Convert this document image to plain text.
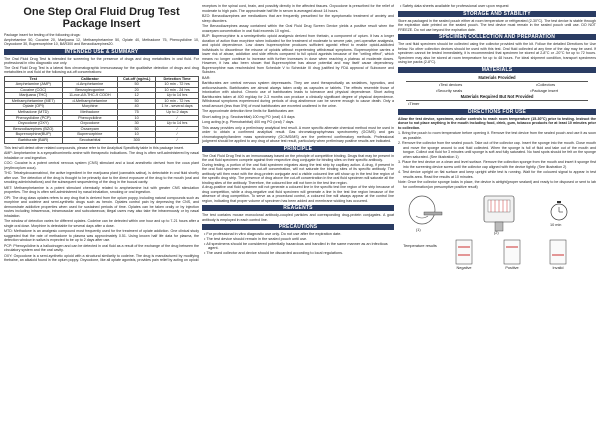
One Step Oral Fluid Drug Test Package Insert

Package insert for testing of the following drugs:
Amphetamine 50, Cocaine 20, Marijuana 12, Methamphetamine 50, Opiate 40, Methadone 75, Phencyclidine 10, Oxycodone 30, Buprenorphine 10, BAR300 and Benzodiazepines20.

INTENDED USE & SUMMARY

The Oral Fluid Drug Test is intended for screening for the presence of drugs and drug metabolites in oral fluid. For professional in vitro diagnostic use only.
The Oral Fluid Drug Test is a lateral flow chromatographic immunoassay for the qualitative detection of drugs and drug metabolites in oral fluid at the following cut-off concentrations:

Test	Calibrator	Cut-off (ng/mL)	Detection Time
Amphetamine (AMP)	d-Amphetamine	50	10 min - 72 hrs
Cocaine (COC)	Benzoylecgonine	20	10 min - 24 hrs
Marijuana (THC)	11-nor-Δ9-THC-9 COOH	12	Up to 14 hrs
Methamphetamine (MET)	d-Methamphetamine	50	10 min - 72 hrs
Opiate (OPI)	Morphine	40	1 hr - several days
Methadone (MTD)	Methadone	75	Up to 2 days
Phencyclidine (PCP)	Phencyclidine	10	/
Oxycodone (OXY)	Oxycodone	30	Up to 14 hrs
Benzodiazepines (BZO)	Oxazepam	50	/
Buprenorphine(BUP)	Buprenorphine	10	/
Barbiturate (BAR)	Secobarbital	300	/

This test will detect other related compounds, please refer to the Analytical Specificity table in this package insert.

AMP: Amphetamine is a sympathomimetic amine with therapeutic indications. The drug is often self-administered by nasal inhalation or oral ingestion.

COC: Cocaine is a potent central nervous system (CNS) stimulant and a local anesthetic derived from the coca plant (erythroxylum coca).

THC: Tetrahydrocannabinol, the active ingredient in the marijuana plant (cannabis sativa), is detectable in oral fluid shortly after use. The detection of the drug is thought to be primarily due to the direct exposure of the drug to the mouth (oral and smoking administrations) and the subsequent sequestering of the drug in the buccal cavity.

MET: Methamphetamine is a potent stimulant chemically related to amphetamine but with greater CNS stimulation properties. The drug is often self-administered by nasal inhalation, smoking or oral ingestion.

OPI: The drug class opiates refers to any drug that is derived from the opium poppy, including natural compounds such as morphine and codeine and semi-synthetic drugs such as heroin. Opiates control pain by depressing the CNS, and demonstrate addictive properties when used for sustained periods of time. Opiates can be taken orally or by injection routes including intravenous, intramuscular and subcutaneous; illegal users may also take the intravenously or by nasal inhalation.

The window of detection varies for different opiates. Codeine can be detected within one hour and up to 7-21 hours after a single oral dose. Morphine is detectable for several days after a dose.

MTD: Methadone is an analgesic compound most frequently used for the treatment of opiate addiction. One clinical study suggested that the rate of methadone to plasma was approximately 0.51. Using known half life data for plasma, the detection window in saliva is expected to be up to 2 days after use.

PCP: Phencyclidine is a hallucinogen and can be detected in oral fluid as a result of the exchange of the drug between the circulatory system and the oral cavity.

OXY: Oxycodone is a semi-synthetic opioid with a structural similarity to codeine. The drug is manufactured by modifying thebaine, an alkaloid found in the opium poppy. Oxycodone, like all opiate agonists, provides pain relief by acting on opioid

receptors in the spinal cord, brain, and possibly directly in the affected tissues. Oxycodone is prescribed for the relief of moderate to high pain. The approximate half life in serum is averaged about 14 hours.

BZO: Benzodiazepines are medications that are frequently prescribed for the symptomatic treatment of anxiety and sleep disorders.

The Benzodiazepines assay contained within the Oral Fluid Drug Screen Device yields a positive result when the oxazepam concentration in oral fluid exceeds 10 ng/mL.

BUP: Buprenorphine is a semisynthetic opioid analgesic derived from thebain, a component of opium. It has a longer duration of action than morphine when indicated for the treatment of moderate to severe pain, peri-operative analgesia, and opioid dependence. Low doses buprenorphine produces sufficient agonist effect to enable opioid-addicted individuals to discontinue the misuse of opioids without experiencing withdrawal symptoms. Buprenorphine carries a lower risk of abuse, addiction and side effects compared to full opioid agonists because of the "ceiling effect", which means no longer continue to increase with further increases in dose when reaching a plateau at moderate doses. However, it has also been shown that Buprenorphine has abuse potential and may itself cause dependency. Buprenorphine was rescheduled from Schedule V to Schedule III drug justified by FDA approval of Suboxone and Subutex.

BAR:

Barbiturates are central nervous system depressants. They are used therapeutically as sedatives, hypnotics, and anticonvulsants. Barbiturates are almost always taken orally as capsules or tablets. The effects resemble those of intoxication with alcohol. Chronic use of barbiturates leads to tolerance and physical dependence. Short acting Barbiturates taken at 400 mg/day for 2-3 months can produce a clinically significant degree of physical dependence. Withdrawal symptoms experienced during periods of drug abstinence can be severe enough to cause death. Only a small amount (less than 5%) of most barbiturates are excreted unaltered in the urine.

The approximate detection time limits for Barbiturates are:

Short acting (e.g. Secobarbital) 100 mg PO (oral) 4.5 days

Long acting (e.g. Phenobarbital) 400 mg PO (oral) 7 days.

This assay provides only a preliminary analytical test result. A more specific alternate chemical method must be used in order to obtain a confirmed analytical result. Gas chromatography/mass spectrometry (GC/MS) and gas chromatography/tandem mass spectrometry (GC/MS/MS) are the preferred confirmatory methods. Professional judgment should be applied to any drug of abuse test result, particularly when preliminary positive results are indicated.

PRINCIPLE

The Oral Fluid Drug Test is an immunoassay based on the principle of competitive binding. Drugs that may be present in the oral fluid specimen compete against their respective drug conjugate for binding sites on their specific antibody.
During testing, a portion of the oral fluid specimen migrates along the test strip by capillary action. A drug, if present in the oral fluid specimen below its cut-off concentration, will not saturate the binding sites of its specific antibody. The antibody will then react with the drug-protein conjugate and a visible coloured line will show up in the test line region of the specific drug strip. The presence of drug above the cut-off concentration in the oral fluid specimen will saturate all the binding sites of the antibody. Therefore, the coloured line will not form in the test line region.
A drug-positive oral fluid specimen will not generate a coloured line in the specific test line region of the strip because of drug competition, while a drug-negative oral fluid specimen will generate a line in the test line region because of the absence of drug competition. To serve as a procedural control, a coloured line will always appear at the control line region, indicating that proper volume of specimen has been added and membrane wicking has occurred.

REAGENTS

The test contains mouse monoclonal antibody-coupled particles and corresponding drug-protein conjugates. A goat antibody is employed in each control line.

PRECAUTIONS

• For professional in vitro diagnostic use only. Do not use after the expiration date.

• The test device should remain in the sealed pouch until use.

• All specimens should be considered potentially hazardous and handled in the same manner as an infectious agent.

• The used collector and device should be discarded according to local regulations.

• Safety data sheets available for professional user upon request

STORAGE AND STABILITY

Store as packaged in the sealed pouch either at room temperature or refrigerated (2-30°C). The test device is stable through the expiration date printed on the sealed pouch. The test device must remain in the sealed pouch until use. DO NOT FREEZE. Do not use beyond the expiration date.

SPECIMEN COLLECTION AND PREPARATION

The oral fluid specimen should be collected using the collector provided with the kit. Follow the detailed Directions for Use below. No other collection devices should be used with this test. Oral fluid collected at any time of the day may be used. If specimen cannot be tested immediately, it is recommended that specimen be stored at 2-8°C or -20°C for up to 72 hours. Specimen may also be stored at room temperature for up to 48 hours. For ideal shipment condition, transport specimens using ice packs (2-8°C).

MATERIALS
Materials Provided
• Test devices	• Collectors
• Security seals	• Package insert
Materials Required But Not Provided
• Timer
DIRECTIONS FOR USE

Allow the test device, specimen, and/or controls to reach room temperature (15-30°C) prior to testing. Instruct the donor to not place anything in the mouth including food, drink, gum, tobacco products for at least 10 minutes prior to collection.

1. Bring the pouch to room temperature before opening it. Remove the test device from the sealed pouch and use it as soon as possible.

2. Remove the collector from the sealed pouch. Take out of the collector cap. Insert the sponge into the mouth. Close mouth and move the sponge around to oral fluid collected. When the sponge is full of fluid and take out of the mouth and tongue. Collect oral fluid for 3 minutes until sponge is soft and fully saturated. No hard spots should be felt on the sponge when saturated. (See illustration 1)

3. Place the test device on a clean and level surface. Remove the collection sponge from the mouth and insert it sponge first into the screening device screw until the collector cap aligned with the device tightly. (See illustration 2)

4. Test device upright on flat surface and keep upright while test is running. Wait for the coloured signal to appear in test results area. Read the results at 10 minutes.

Note: Once the collector sponge locks in place, the device is airtight(proper sealant) and ready to be disposed or sent to lab for confirmation(on presumptive positive result)

(1)
(2)
10 min
Temperature results
Negative	Positive	Invalid
